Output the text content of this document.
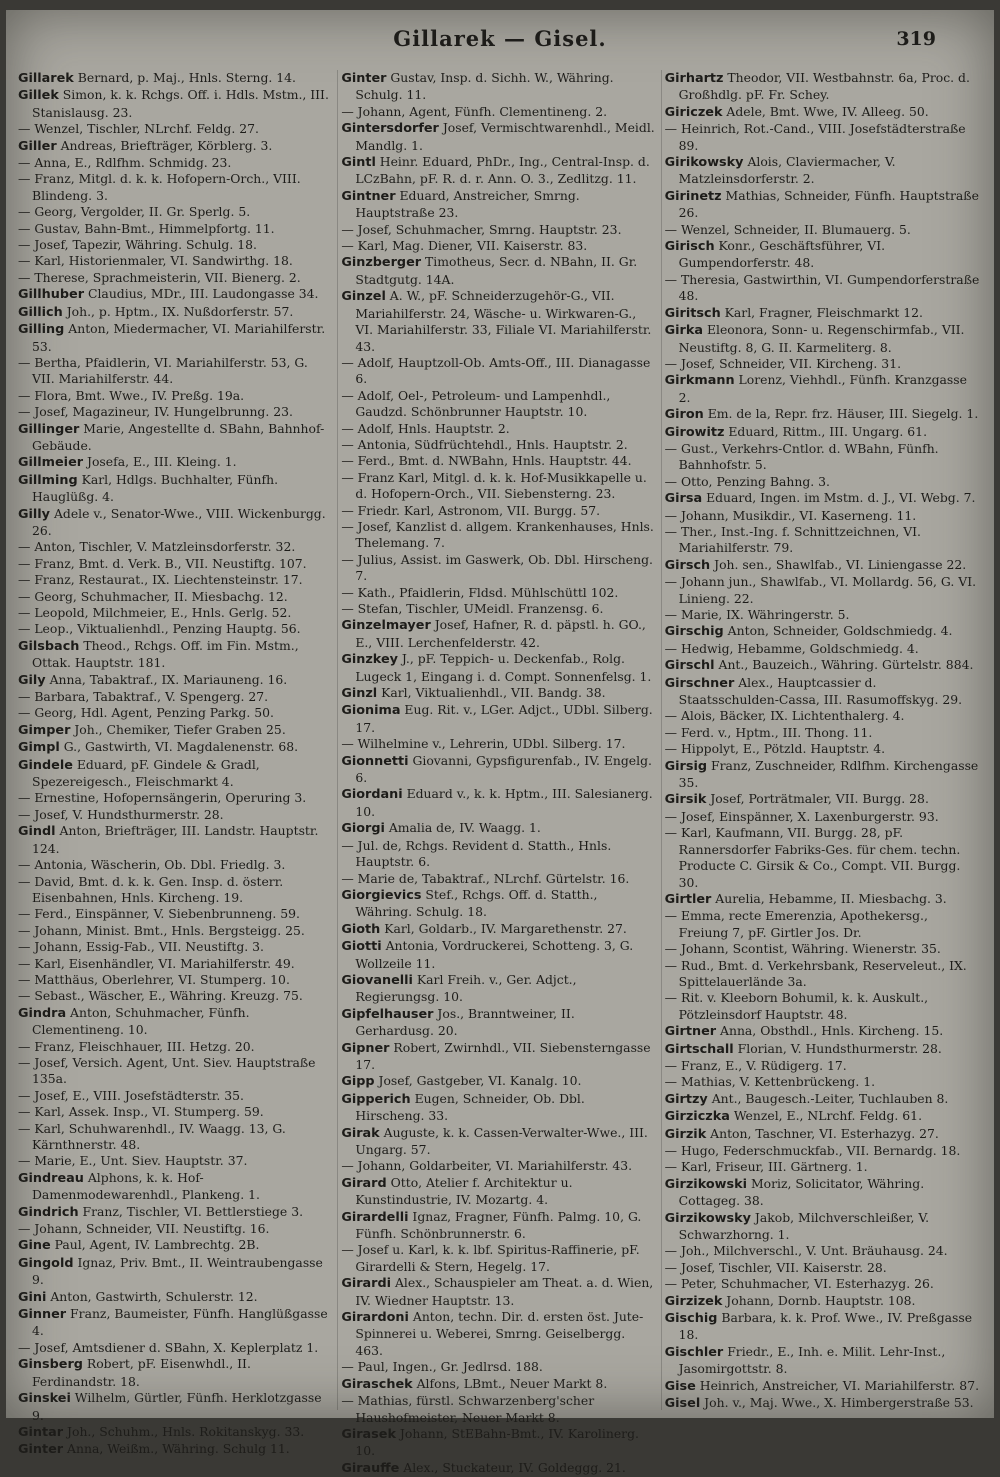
Gillarek — Gisel.	319

Gillarek Bernard, p. Maj., Hnls. Sterng. 14.

Gillek Simon, k. k. Rchgs. Off. i. Hdls. Mstm., III. Stanislausg. 23.

— Wenzel, Tischler, NLrchf. Feldg. 27.

Giller Andreas, Briefträger, Körblerg. 3.

— Anna, E., Rdlfhm. Schmidg. 23.

— Franz, Mitgl. d. k. k. Hofopern-Orch., VIII. Blindeng. 3.

— Georg, Vergolder, II. Gr. Sperlg. 5.

— Gustav, Bahn-Bmt., Himmelpfortg. 11.

— Josef, Tapezir, Währing. Schulg. 18.

— Karl, Historienmaler, VI. Sandwirthg. 18.

— Therese, Sprachmeisterin, VII. Bienerg. 2.

Gillhuber Claudius, MDr., III. Laudongasse 34.

Gillich Joh., p. Hptm., IX. Nußdorferstr. 57.

Gilling Anton, Miedermacher, VI. Mariahilferstr. 53.

— Bertha, Pfaidlerin, VI. Mariahilferstr. 53, G. VII. Mariahilferstr. 44.

— Flora, Bmt. Wwe., IV. Preßg. 19a.

— Josef, Magazineur, IV. Hungelbrunng. 23.

Gillinger Marie, Angestellte d. SBahn, Bahnhof-Gebäude.

Gillmeier Josefa, E., III. Kleing. 1.

Gillming Karl, Hdlgs. Buchhalter, Fünfh. Hauglüßg. 4.

Gilly Adele v., Senator-Wwe., VIII. Wickenburgg. 26.

— Anton, Tischler, V. Matzleinsdorferstr. 32.

— Franz, Bmt. d. Verk. B., VII. Neustiftg. 107.

— Franz, Restaurat., IX. Liechtensteinstr. 17.

— Georg, Schuhmacher, II. Miesbachg. 12.

— Leopold, Milchmeier, E., Hnls. Gerlg. 52.

— Leop., Viktualienhdl., Penzing Hauptg. 56.

Gilsbach Theod., Rchgs. Off. im Fin. Mstm., Ottak. Hauptstr. 181.

Gily Anna, Tabaktraf., IX. Mariauneng. 16.

— Barbara, Tabaktraf., V. Spengerg. 27.

— Georg, Hdl. Agent, Penzing Parkg. 50.

Gimper Joh., Chemiker, Tiefer Graben 25.

Gimpl G., Gastwirth, VI. Magdalenenstr. 68.

Gindele Eduard, pF. Gindele & Gradl, Spezereigesch., Fleischmarkt 4.

— Ernestine, Hofopernsängerin, Operuring 3.

— Josef, V. Hundsthurmerstr. 28.

Gindl Anton, Briefträger, III. Landstr. Hauptstr. 124.

— Antonia, Wäscherin, Ob. Dbl. Friedlg. 3.

— David, Bmt. d. k. k. Gen. Insp. d. österr. Eisenbahnen, Hnls. Kircheng. 19.

— Ferd., Einspänner, V. Siebenbrunneng. 59.

— Johann, Minist. Bmt., Hnls. Bergsteigg. 25.

— Johann, Essig-Fab., VII. Neustiftg. 3.

— Karl, Eisenhändler, VI. Mariahilferstr. 49.

— Matthäus, Oberlehrer, VI. Stumperg. 10.

— Sebast., Wäscher, E., Währing. Kreuzg. 75.

Gindra Anton, Schuhmacher, Fünfh. Clementineng. 10.

— Franz, Fleischhauer, III. Hetzg. 20.

— Josef, Versich. Agent, Unt. Siev. Hauptstraße 135a.

— Josef, E., VIII. Josefstädterstr. 35.

— Karl, Assek. Insp., VI. Stumperg. 59.

— Karl, Schuhwarenhdl., IV. Waagg. 13, G. Kärnthnerstr. 48.

— Marie, E., Unt. Siev. Hauptstr. 37.

Gindreau Alphons, k. k. Hof-Damenmodewarenhdl., Plankeng. 1.

Gindrich Franz, Tischler, VI. Bettlerstiege 3.

— Johann, Schneider, VII. Neustiftg. 16.

Gine Paul, Agent, IV. Lambrechtg. 2B.

Gingold Ignaz, Priv. Bmt., II. Weintraubengasse 9.

Gini Anton, Gastwirth, Schulerstr. 12.

Ginner Franz, Baumeister, Fünfh. Hanglüßgasse 4.

— Josef, Amtsdiener d. SBahn, X. Keplerplatz 1.

Ginsberg Robert, pF. Eisenwhdl., II. Ferdinandstr. 18.

Ginskei Wilhelm, Gürtler, Fünfh. Herklotzgasse 9.

Gintar Joh., Schuhm., Hnls. Rokitanskyg. 33.

Ginter Anna, Weißm., Währing. Schulg 11.

Ginter Gustav, Insp. d. Sichh. W., Währing. Schulg. 11.

— Johann, Agent, Fünfh. Clementineng. 2.

Gintersdorfer Josef, Vermischtwarenhdl., Meidl. Mandlg. 1.

Gintl Heinr. Eduard, PhDr., Ing., Central-Insp. d. LCzBahn, pF. R. d. r. Ann. O. 3., Zedlitzg. 11.

Gintner Eduard, Anstreicher, Smrng. Hauptstraße 23.

— Josef, Schuhmacher, Smrng. Hauptstr. 23.

— Karl, Mag. Diener, VII. Kaiserstr. 83.

Ginzberger Timotheus, Secr. d. NBahn, II. Gr. Stadtgutg. 14A.

Ginzel A. W., pF. Schneiderzugehör-G., VII. Mariahilferstr. 24, Wäsche- u. Wirkwaren-G., VI. Mariahilferstr. 33, Filiale VI. Mariahilferstr. 43.

— Adolf, Hauptzoll-Ob. Amts-Off., III. Dianagasse 6.

— Adolf, Oel-, Petroleum- und Lampenhdl., Gaudzd. Schönbrunner Hauptstr. 10.

— Adolf, Hnls. Hauptstr. 2.

— Antonia, Südfrüchtehdl., Hnls. Hauptstr. 2.

— Ferd., Bmt. d. NWBahn, Hnls. Hauptstr. 44.

— Franz Karl, Mitgl. d. k. k. Hof-Musikkapelle u. d. Hofopern-Orch., VII. Siebensterng. 23.

— Friedr. Karl, Astronom, VII. Burgg. 57.

— Josef, Kanzlist d. allgem. Krankenhauses, Hnls. Thelemang. 7.

— Julius, Assist. im Gaswerk, Ob. Dbl. Hirscheng. 7.

— Kath., Pfaidlerin, Fldsd. Mühlschüttl 102.

— Stefan, Tischler, UMeidl. Franzensg. 6.

Ginzelmayer Josef, Hafner, R. d. päpstl. h. GO., E., VIII. Lerchenfelderstr. 42.

Ginzkey J., pF. Teppich- u. Deckenfab., Rolg. Lugeck 1, Eingang i. d. Compt. Sonnenfelsg. 1.

Ginzl Karl, Viktualienhdl., VII. Bandg. 38.

Gionima Eug. Rit. v., LGer. Adjct., UDbl. Silberg. 17.

— Wilhelmine v., Lehrerin, UDbl. Silberg. 17.

Gionnetti Giovanni, Gypsfigurenfab., IV. Engelg. 6.

Giordani Eduard v., k. k. Hptm., III. Salesianerg. 10.

Giorgi Amalia de, IV. Waagg. 1.

— Jul. de, Rchgs. Revident d. Statth., Hnls. Hauptstr. 6.

— Marie de, Tabaktraf., NLrchf. Gürtelstr. 16.

Giorgievics Stef., Rchgs. Off. d. Statth., Währing. Schulg. 18.

Gioth Karl, Goldarb., IV. Margarethenstr. 27.

Giotti Antonia, Vordruckerei, Schotteng. 3, G. Wollzeile 11.

Giovanelli Karl Freih. v., Ger. Adjct., Regierungsg. 10.

Gipfelhauser Jos., Branntweiner, II. Gerhardusg. 20.

Gipner Robert, Zwirnhdl., VII. Siebensterngasse 17.

Gipp Josef, Gastgeber, VI. Kanalg. 10.

Gipperich Eugen, Schneider, Ob. Dbl. Hirscheng. 33.

Girak Auguste, k. k. Cassen-Verwalter-Wwe., III. Ungarg. 57.

— Johann, Goldarbeiter, VI. Mariahilferstr. 43.

Girard Otto, Atelier f. Architektur u. Kunstindustrie, IV. Mozartg. 4.

Girardelli Ignaz, Fragner, Fünfh. Palmg. 10, G. Fünfh. Schönbrunnerstr. 6.

— Josef u. Karl, k. k. lbf. Spiritus-Raffinerie, pF. Girardelli & Stern, Hegelg. 17.

Girardi Alex., Schauspieler am Theat. a. d. Wien, IV. Wiedner Hauptstr. 13.

Girardoni Anton, techn. Dir. d. ersten öst. Jute-Spinnerei u. Weberei, Smrng. Geiselbergg. 463.

— Paul, Ingen., Gr. Jedlrsd. 188.

Giraschek Alfons, LBmt., Neuer Markt 8.

— Mathias, fürstl. Schwarzenberg'scher Haushofmeister, Neuer Markt 8.

Girasek Johann, StEBahn-Bmt., IV. Karolinerg. 10.

Girauffe Alex., Stuckateur, IV. Goldeggg. 21.

Girhartz Theodor, VII. Westbahnstr. 6a, Proc. d. Großhdlg. pF. Fr. Schey.

Giriczek Adele, Bmt. Wwe, IV. Alleeg. 50.

— Heinrich, Rot.-Cand., VIII. Josefstädterstraße 89.

Girikowsky Alois, Claviermacher, V. Matzleinsdorferstr. 2.

Girinetz Mathias, Schneider, Fünfh. Hauptstraße 26.

— Wenzel, Schneider, II. Blumauerg. 5.

Girisch Konr., Geschäftsführer, VI. Gumpendorferstr. 48.

— Theresia, Gastwirthin, VI. Gumpendorferstraße 48.

Giritsch Karl, Fragner, Fleischmarkt 12.

Girka Eleonora, Sonn- u. Regenschirmfab., VII. Neustiftg. 8, G. II. Karmeliterg. 8.

— Josef, Schneider, VII. Kircheng. 31.

Girkmann Lorenz, Viehhdl., Fünfh. Kranzgasse 2.

Giron Em. de la, Repr. frz. Häuser, III. Siegelg. 1.

Girowitz Eduard, Rittm., III. Ungarg. 61.

— Gust., Verkehrs-Cntlor. d. WBahn, Fünfh. Bahnhofstr. 5.

— Otto, Penzing Bahng. 3.

Girsa Eduard, Ingen. im Mstm. d. J., VI. Webg. 7.

— Johann, Musikdir., VI. Kaserneng. 11.

— Ther., Inst.-Ing. f. Schnittzeichnen, VI. Mariahilferstr. 79.

Girsch Joh. sen., Shawlfab., VI. Liniengasse 22.

— Johann jun., Shawlfab., VI. Mollardg. 56, G. VI. Linieng. 22.

— Marie, IX. Währingerstr. 5.

Girschig Anton, Schneider, Goldschmiedg. 4.

— Hedwig, Hebamme, Goldschmiedg. 4.

Girschl Ant., Bauzeich., Währing. Gürtelstr. 884.

Girschner Alex., Hauptcassier d. Staatsschulden-Cassa, III. Rasumoffskyg. 29.

— Alois, Bäcker, IX. Lichtenthalerg. 4.

— Ferd. v., Hptm., III. Thong. 11.

— Hippolyt, E., Pötzld. Hauptstr. 4.

Girsig Franz, Zuschneider, Rdlfhm. Kirchengasse 35.

Girsik Josef, Porträtmaler, VII. Burgg. 28.

— Josef, Einspänner, X. Laxenburgerstr. 93.

— Karl, Kaufmann, VII. Burgg. 28, pF. Rannersdorfer Fabriks-Ges. für chem. techn. Producte C. Girsik & Co., Compt. VII. Burgg. 30.

Girtler Aurelia, Hebamme, II. Miesbachg. 3.

— Emma, recte Emerenzia, Apothekersg., Freiung 7, pF. Girtler Jos. Dr.

— Johann, Scontist, Währing. Wienerstr. 35.

— Rud., Bmt. d. Verkehrsbank, Reserveleut., IX. Spittelauerlände 3a.

— Rit. v. Kleeborn Bohumil, k. k. Auskult., Pötzleinsdorf Hauptstr. 48.

Girtner Anna, Obsthdl., Hnls. Kircheng. 15.

Girtschall Florian, V. Hundsthurmerstr. 28.

— Franz, E., V. Rüdigerg. 17.

— Mathias, V. Kettenbrückeng. 1.

Girtzy Ant., Baugesch.-Leiter, Tuchlauben 8.

Girziczka Wenzel, E., NLrchf. Feldg. 61.

Girzik Anton, Taschner, VI. Esterhazyg. 27.

— Hugo, Federschmuckfab., VII. Bernardg. 18.

— Karl, Friseur, III. Gärtnerg. 1.

Girzikowski Moriz, Solicitator, Währing. Cottageg. 38.

Girzikowsky Jakob, Milchverschleißer, V. Schwarzhorng. 1.

— Joh., Milchverschl., V. Unt. Bräuhausg. 24.

— Josef, Tischler, VII. Kaiserstr. 28.

— Peter, Schuhmacher, VI. Esterhazyg. 26.

Girzizek Johann, Dornb. Hauptstr. 108.

Gischig Barbara, k. k. Prof. Wwe., IV. Preßgasse 18.

Gischler Friedr., E., Inh. e. Milit. Lehr-Inst., Jasomirgottstr. 8.

Gise Heinrich, Anstreicher, VI. Mariahilferstr. 87.

Gisel Joh. v., Maj. Wwe., X. Himbergerstraße 53.
